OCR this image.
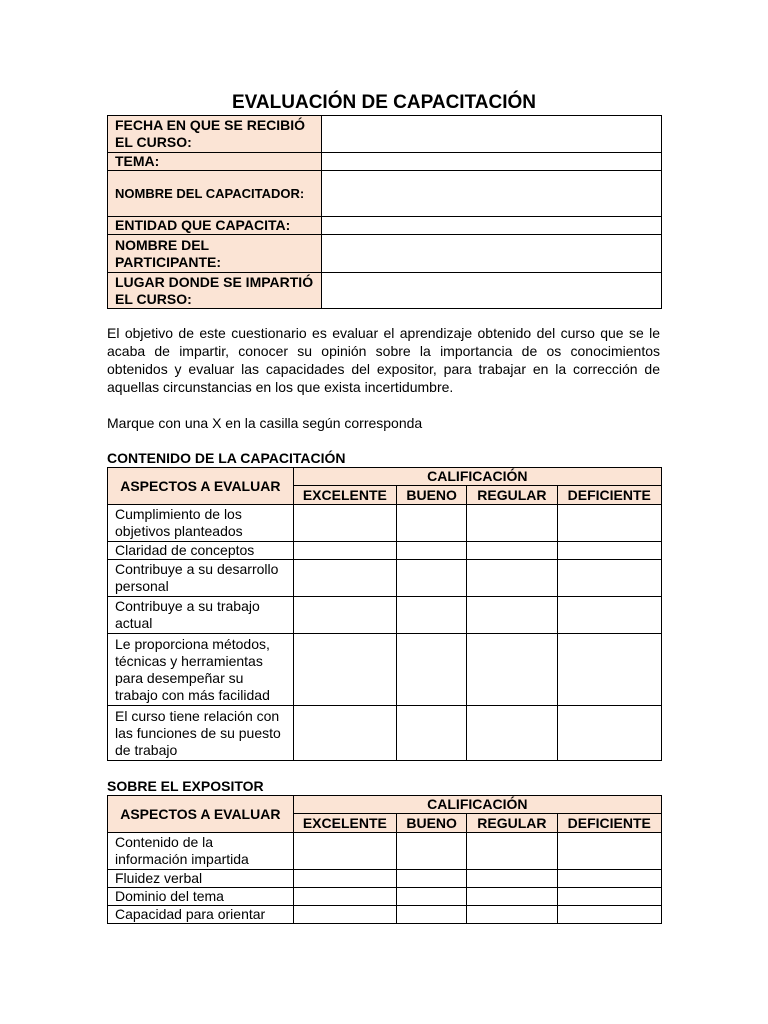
EVALUACIÓN DE CAPACITACIÓN
FECHA EN QUE SE RECIBIÓ EL CURSO:	
TEMA:	
NOMBRE DEL CAPACITADOR:	
ENTIDAD QUE CAPACITA:	
NOMBRE DEL PARTICIPANTE:	
LUGAR DONDE SE IMPARTIÓ EL CURSO:	
El objetivo de este cuestionario es evaluar el aprendizaje obtenido del curso que se le acaba de impartir, conocer su opinión sobre la importancia de os conocimientos obtenidos y evaluar las capacidades del expositor, para trabajar en la corrección de aquellas circunstancias en los que exista incertidumbre.
Marque con una X en la casilla según corresponda
CONTENIDO DE LA CAPACITACIÓN
ASPECTOS A EVALUAR	CALIFICACIÓN			
	EXCELENTE	BUENO	REGULAR	DEFICIENTE
Cumplimiento de los objetivos planteados				
Claridad de conceptos				
Contribuye a su desarrollo personal				
Contribuye a su trabajo actual				
Le proporciona métodos, técnicas y herramientas para desempeñar su trabajo con más facilidad				
El curso tiene relación con las funciones de su puesto de trabajo				
SOBRE EL EXPOSITOR
ASPECTOS A EVALUAR	CALIFICACIÓN			
	EXCELENTE	BUENO	REGULAR	DEFICIENTE
Contenido de la información impartida				
Fluidez verbal				
Dominio del tema				
Capacidad para orientar				
